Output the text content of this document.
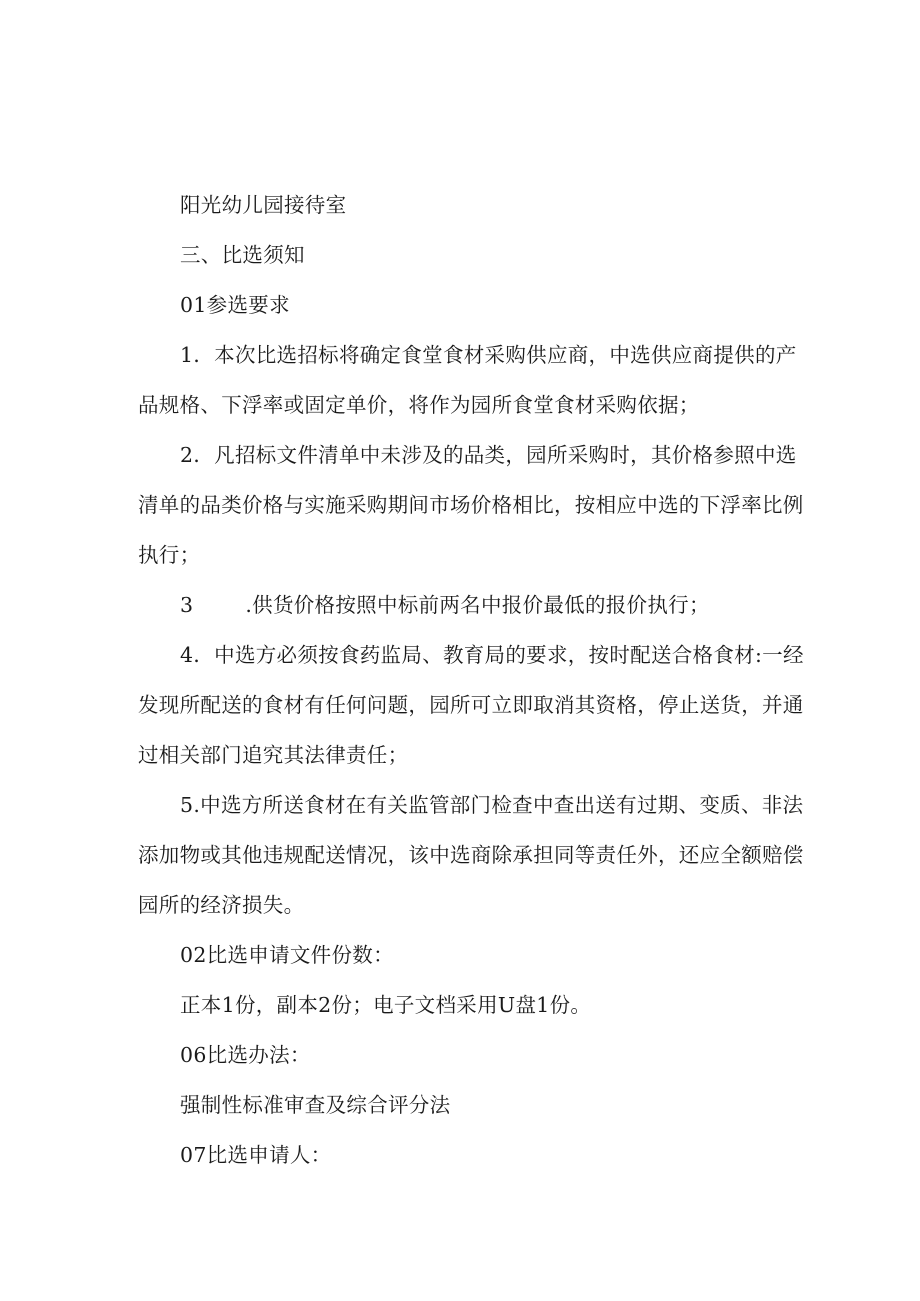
阳光幼儿园接待室
三、比选须知
01参选要求
1．本次比选招标将确定食堂食材采购供应商，中选供应商提供的产
品规格、下浮率或固定单价，将作为园所食堂食材采购依据；
2．凡招标文件清单中未涉及的品类，园所采购时，其价格参照中选
清单的品类价格与实施采购期间市场价格相比，按相应中选的下浮率比例
执行；
3	.供货价格按照中标前两名中报价最低的报价执行；
4．中选方必须按食药监局、教育局的要求，按时配送合格食材:一经
发现所配送的食材有任何问题，园所可立即取消其资格，停止送货，并通
过相关部门追究其法律责任；
5.中选方所送食材在有关监管部门检查中查出送有过期、变质、非法
添加物或其他违规配送情况，该中选商除承担同等责任外，还应全额赔偿
园所的经济损失。
02比选申请文件份数：
正本1份，副本2份；电子文档采用U盘1份。
06比选办法：
强制性标准审查及综合评分法
07比选申请人：
